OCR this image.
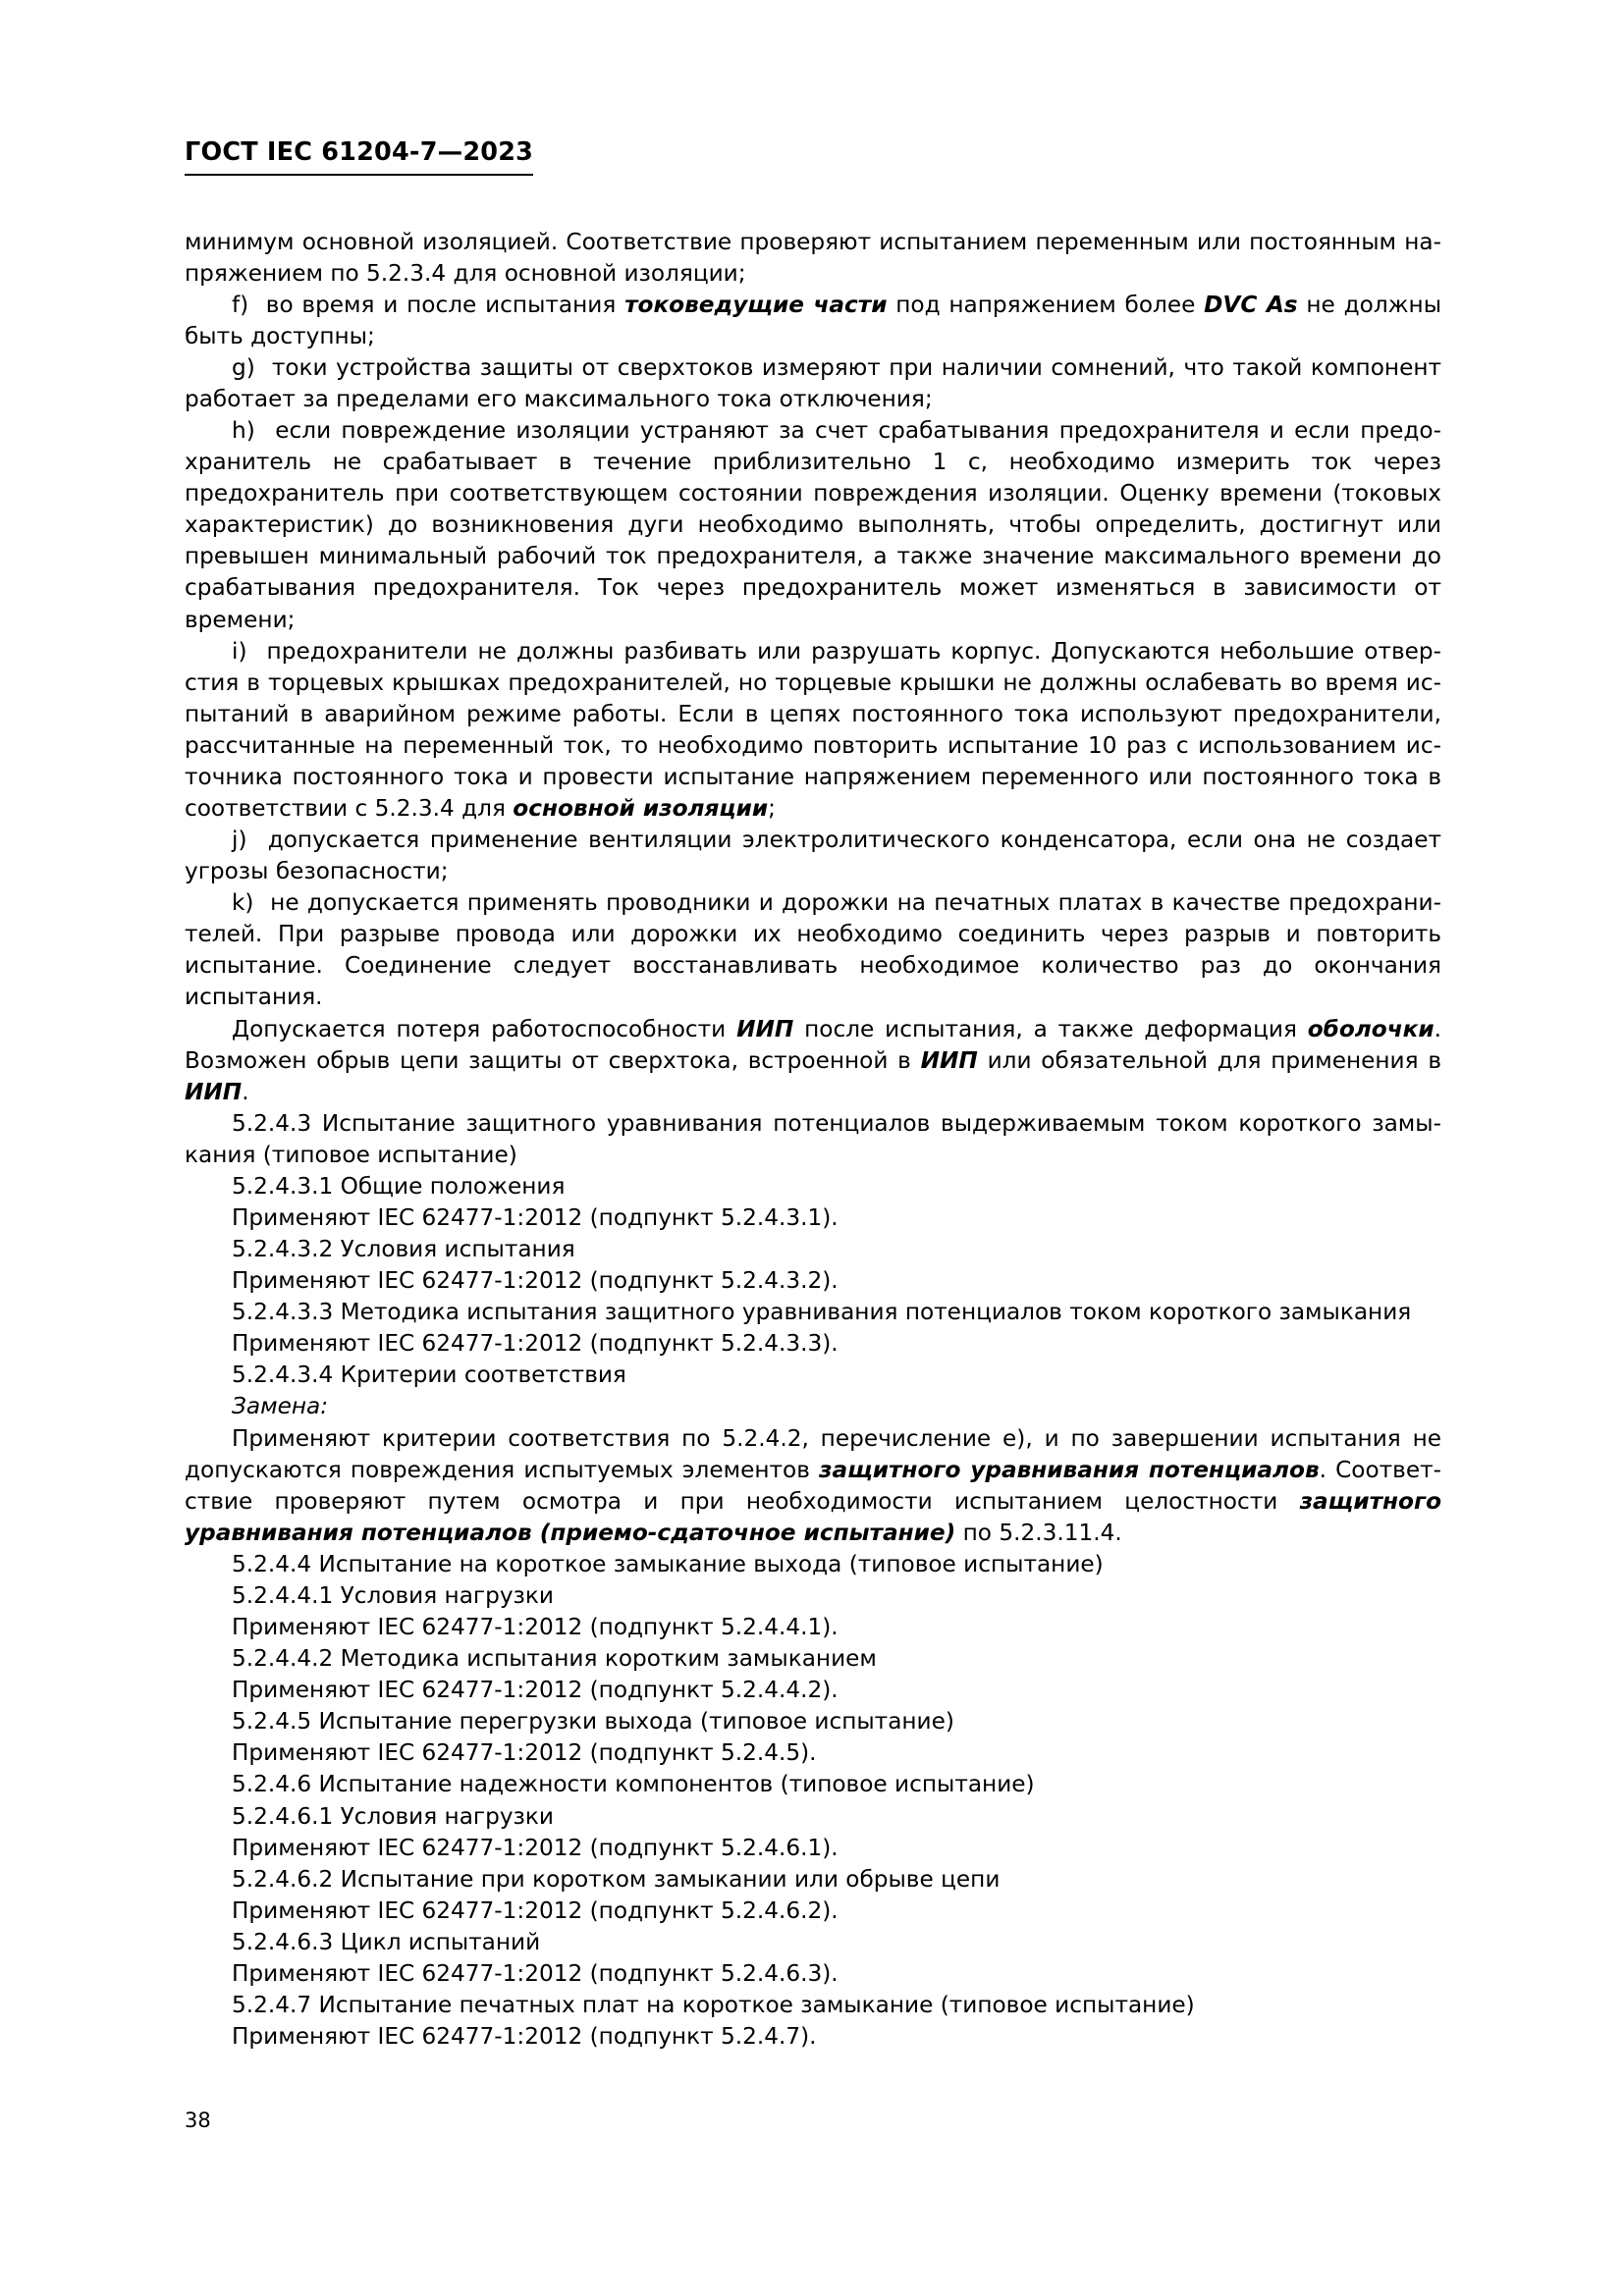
ГОСТ IEC 61204-7—2023

минимум основной изоляцией. Соответствие проверяют испытанием переменным или постоянным напряжением по 5.2.3.4 для основной изоляции;

f)  во время и после испытания токоведущие части под напряжением более DVC As не должны быть доступны;

g)  токи устройства защиты от сверхтоков измеряют при наличии сомнений, что такой компонент работает за пределами его максимального тока отключения;

h)  если повреждение изоляции устраняют за счет срабатывания предохранителя и если предохранитель не срабатывает в течение приблизительно 1 с, необходимо измерить ток через предохранитель при соответствующем состоянии повреждения изоляции. Оценку времени (токовых характеристик) до возникновения дуги необходимо выполнять, чтобы определить, достигнут или превышен минимальный рабочий ток предохранителя, а также значение максимального времени до срабатывания предохранителя. Ток через предохранитель может изменяться в зависимости от времени;

i)  предохранители не должны разбивать или разрушать корпус. Допускаются небольшие отверстия в торцевых крышках предохранителей, но торцевые крышки не должны ослабевать во время испытаний в аварийном режиме работы. Если в цепях постоянного тока используют предохранители, рассчитанные на переменный ток, то необходимо повторить испытание 10 раз с использованием источника постоянного тока и провести испытание напряжением переменного или постоянного тока в соответствии с 5.2.3.4 для основной изоляции;

j)  допускается применение вентиляции электролитического конденсатора, если она не создает угрозы безопасности;

k)  не допускается применять проводники и дорожки на печатных платах в качестве предохранителей. При разрыве провода или дорожки их необходимо соединить через разрыв и повторить испытание. Соединение следует восстанавливать необходимое количество раз до окончания испытания.

Допускается потеря работоспособности ИИП после испытания, а также деформация оболочки. Возможен обрыв цепи защиты от сверхтока, встроенной в ИИП или обязательной для применения в ИИП.

5.2.4.3 Испытание защитного уравнивания потенциалов выдерживаемым током короткого замыкания (типовое испытание)

5.2.4.3.1 Общие положения

Применяют IEC 62477-1:2012 (подпункт 5.2.4.3.1).

5.2.4.3.2 Условия испытания

Применяют IEC 62477-1:2012 (подпункт 5.2.4.3.2).

5.2.4.3.3 Методика испытания защитного уравнивания потенциалов током короткого замыкания

Применяют IEC 62477-1:2012 (подпункт 5.2.4.3.3).

5.2.4.3.4 Критерии соответствия

Замена:

Применяют критерии соответствия по 5.2.4.2, перечисление е), и по завершении испытания не допускаются повреждения испытуемых элементов защитного уравнивания потенциалов. Соответствие проверяют путем осмотра и при необходимости испытанием целостности защитного уравнивания потенциалов (приемо-сдаточное испытание) по 5.2.3.11.4.

5.2.4.4 Испытание на короткое замыкание выхода (типовое испытание)

5.2.4.4.1 Условия нагрузки

Применяют IEC 62477-1:2012 (подпункт 5.2.4.4.1).

5.2.4.4.2 Методика испытания коротким замыканием

Применяют IEC 62477-1:2012 (подпункт 5.2.4.4.2).

5.2.4.5 Испытание перегрузки выхода (типовое испытание)

Применяют IEC 62477-1:2012 (подпункт 5.2.4.5).

5.2.4.6 Испытание надежности компонентов (типовое испытание)

5.2.4.6.1 Условия нагрузки

Применяют IEC 62477-1:2012 (подпункт 5.2.4.6.1).

5.2.4.6.2 Испытание при коротком замыкании или обрыве цепи

Применяют IEC 62477-1:2012 (подпункт 5.2.4.6.2).

5.2.4.6.3 Цикл испытаний

Применяют IEC 62477-1:2012 (подпункт 5.2.4.6.3).

5.2.4.7 Испытание печатных плат на короткое замыкание (типовое испытание)

Применяют IEC 62477-1:2012 (подпункт 5.2.4.7).

38
